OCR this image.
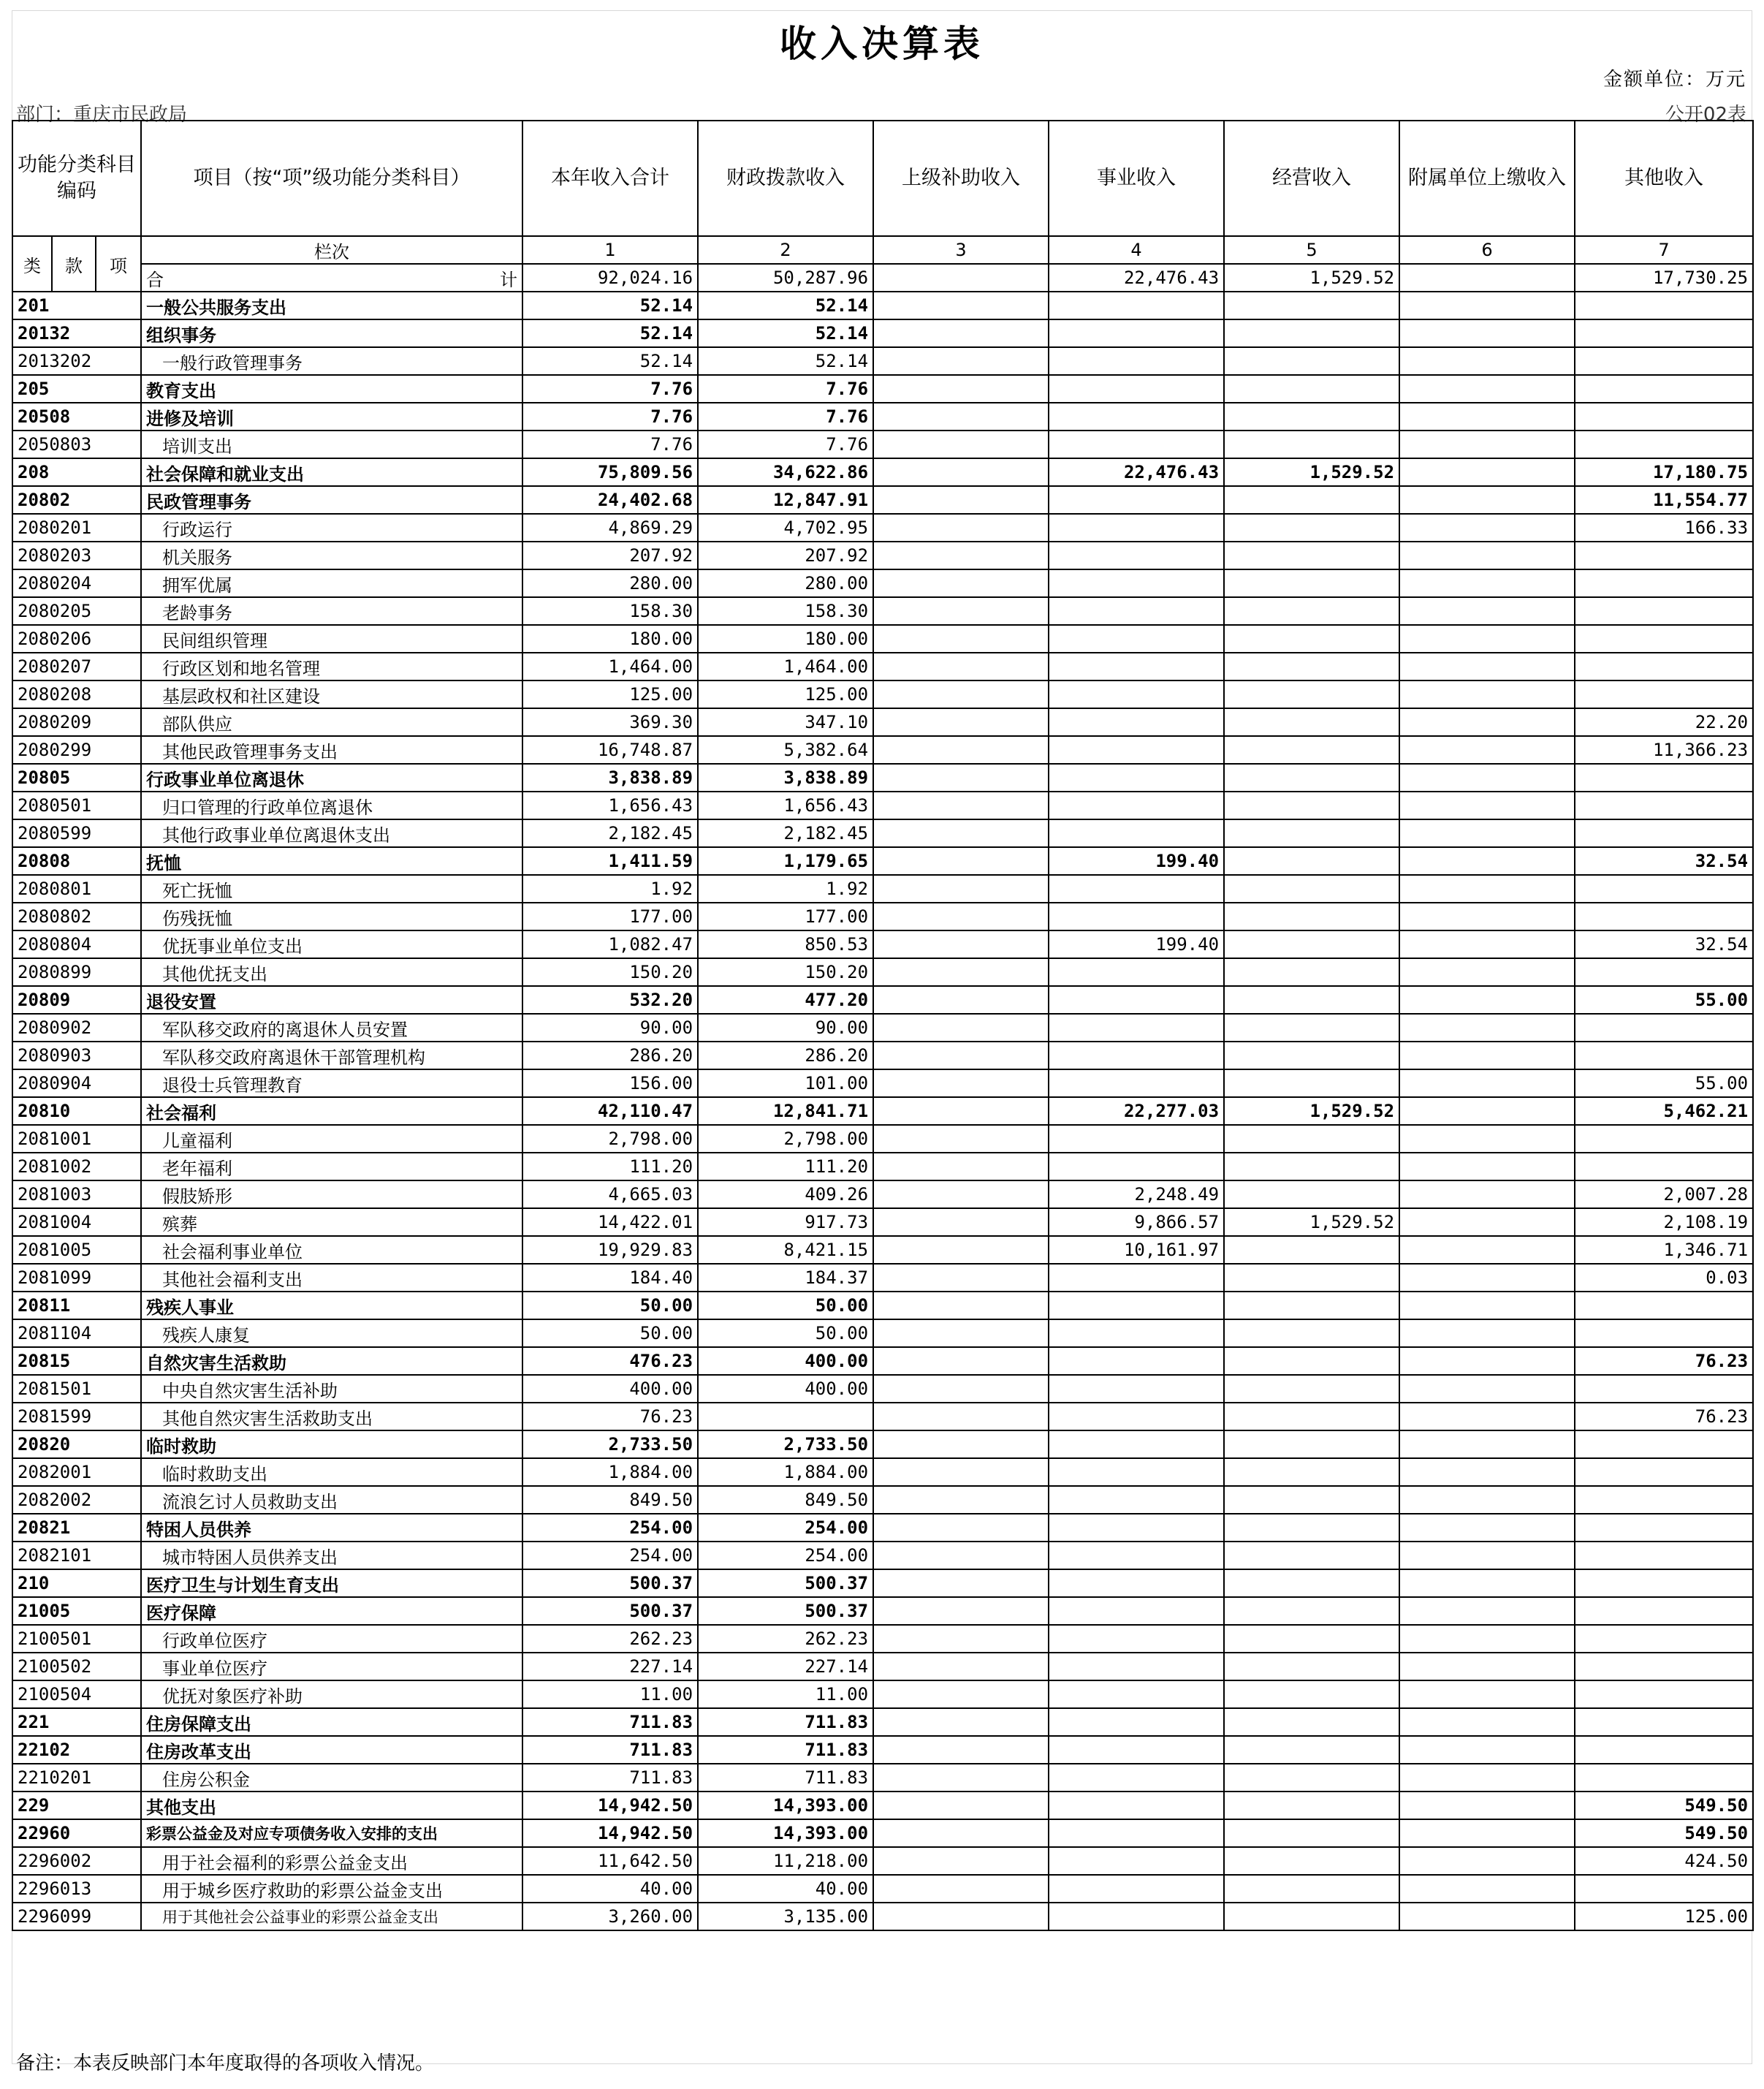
收入决算表
金额单位：万元
部门：重庆市民政局	公开02表
功能分类科目编码			项目（按“项”级功能分类科目）	本年收入合计	财政拨款收入	上级补助收入	事业收入	经营收入	附属单位上缴收入	其他收入
类	款	项	栏次	1	2	3	4	5	6	7

			合 计	92,024.16	50,287.96		22,476.43	1,529.52		17,730.25
201			一般公共服务支出	52.14	52.14					
20132			组织事务	52.14	52.14					
2013202			一般行政管理事务	52.14	52.14					
205			教育支出	7.76	7.76					
20508			进修及培训	7.76	7.76					
2050803			培训支出	7.76	7.76					
208			社会保障和就业支出	75,809.56	34,622.86		22,476.43	1,529.52		17,180.75
20802			民政管理事务	24,402.68	12,847.91					11,554.77
2080201			行政运行	4,869.29	4,702.95					166.33
2080203			机关服务	207.92	207.92					
2080204			拥军优属	280.00	280.00					
2080205			老龄事务	158.30	158.30					
2080206			民间组织管理	180.00	180.00					
2080207			行政区划和地名管理	1,464.00	1,464.00					
2080208			基层政权和社区建设	125.00	125.00					
2080209			部队供应	369.30	347.10					22.20
2080299			其他民政管理事务支出	16,748.87	5,382.64					11,366.23
20805			行政事业单位离退休	3,838.89	3,838.89					
2080501			归口管理的行政单位离退休	1,656.43	1,656.43					
2080599			其他行政事业单位离退休支出	2,182.45	2,182.45					
20808			抚恤	1,411.59	1,179.65		199.40			32.54
2080801			死亡抚恤	1.92	1.92					
2080802			伤残抚恤	177.00	177.00					
2080804			优抚事业单位支出	1,082.47	850.53		199.40			32.54
2080899			其他优抚支出	150.20	150.20					
20809			退役安置	532.20	477.20					55.00
2080902			军队移交政府的离退休人员安置	90.00	90.00					
2080903			军队移交政府离退休干部管理机构	286.20	286.20					
2080904			退役士兵管理教育	156.00	101.00					55.00
20810			社会福利	42,110.47	12,841.71		22,277.03	1,529.52		5,462.21
2081001			儿童福利	2,798.00	2,798.00					
2081002			老年福利	111.20	111.20					
2081003			假肢矫形	4,665.03	409.26		2,248.49			2,007.28
2081004			殡葬	14,422.01	917.73		9,866.57	1,529.52		2,108.19
2081005			社会福利事业单位	19,929.83	8,421.15		10,161.97			1,346.71
2081099			其他社会福利支出	184.40	184.37					0.03
20811			残疾人事业	50.00	50.00					
2081104			残疾人康复	50.00	50.00					
20815			自然灾害生活救助	476.23	400.00					76.23
2081501			中央自然灾害生活补助	400.00	400.00					
2081599			其他自然灾害生活救助支出	76.23						76.23
20820			临时救助	2,733.50	2,733.50					
2082001			临时救助支出	1,884.00	1,884.00					
2082002			流浪乞讨人员救助支出	849.50	849.50					
20821			特困人员供养	254.00	254.00					
2082101			城市特困人员供养支出	254.00	254.00					
210			医疗卫生与计划生育支出	500.37	500.37					
21005			医疗保障	500.37	500.37					
2100501			行政单位医疗	262.23	262.23					
2100502			事业单位医疗	227.14	227.14					
2100504			优抚对象医疗补助	11.00	11.00					
221			住房保障支出	711.83	711.83					
22102			住房改革支出	711.83	711.83					
2210201			住房公积金	711.83	711.83					
229			其他支出	14,942.50	14,393.00					549.50
22960			彩票公益金及对应专项债务收入安排的支出	14,942.50	14,393.00					549.50
2296002			用于社会福利的彩票公益金支出	11,642.50	11,218.00					424.50
2296013			用于城乡医疗救助的彩票公益金支出	40.00	40.00					
2296099			用于其他社会公益事业的彩票公益金支出	3,260.00	3,135.00					125.00
备注：本表反映部门本年度取得的各项收入情况。
